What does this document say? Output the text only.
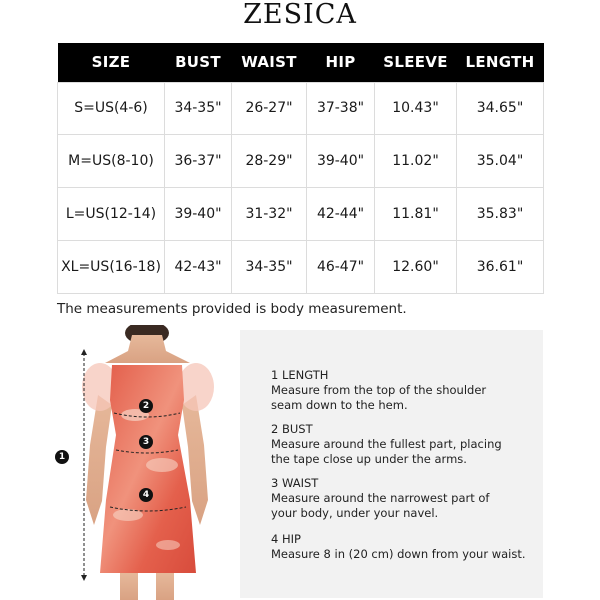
ZESICA
SIZE	BUST	WAIST	HIP	SLEEVE	LENGTH
S=US(4-6)	34-35"	26-27"	37-38"	10.43"	34.65"
M=US(8-10)	36-37"	28-29"	39-40"	11.02"	35.04"
L=US(12-14)	39-40"	31-32"	42-44"	11.81"	35.83"
XL=US(16-18)	42-43"	34-35"	46-47"	12.60"	36.61"
The measurements provided is body measurement.
1
2
3
4
1 LENGTH
Measure from the top of the shoulder
seam down to the hem.
2 BUST
Measure around the fullest part, placing
the tape close up under the arms.
3 WAIST
Measure around the narrowest part of
your body, under your navel.
4 HIP
Measure 8 in (20 cm) down from your waist.
